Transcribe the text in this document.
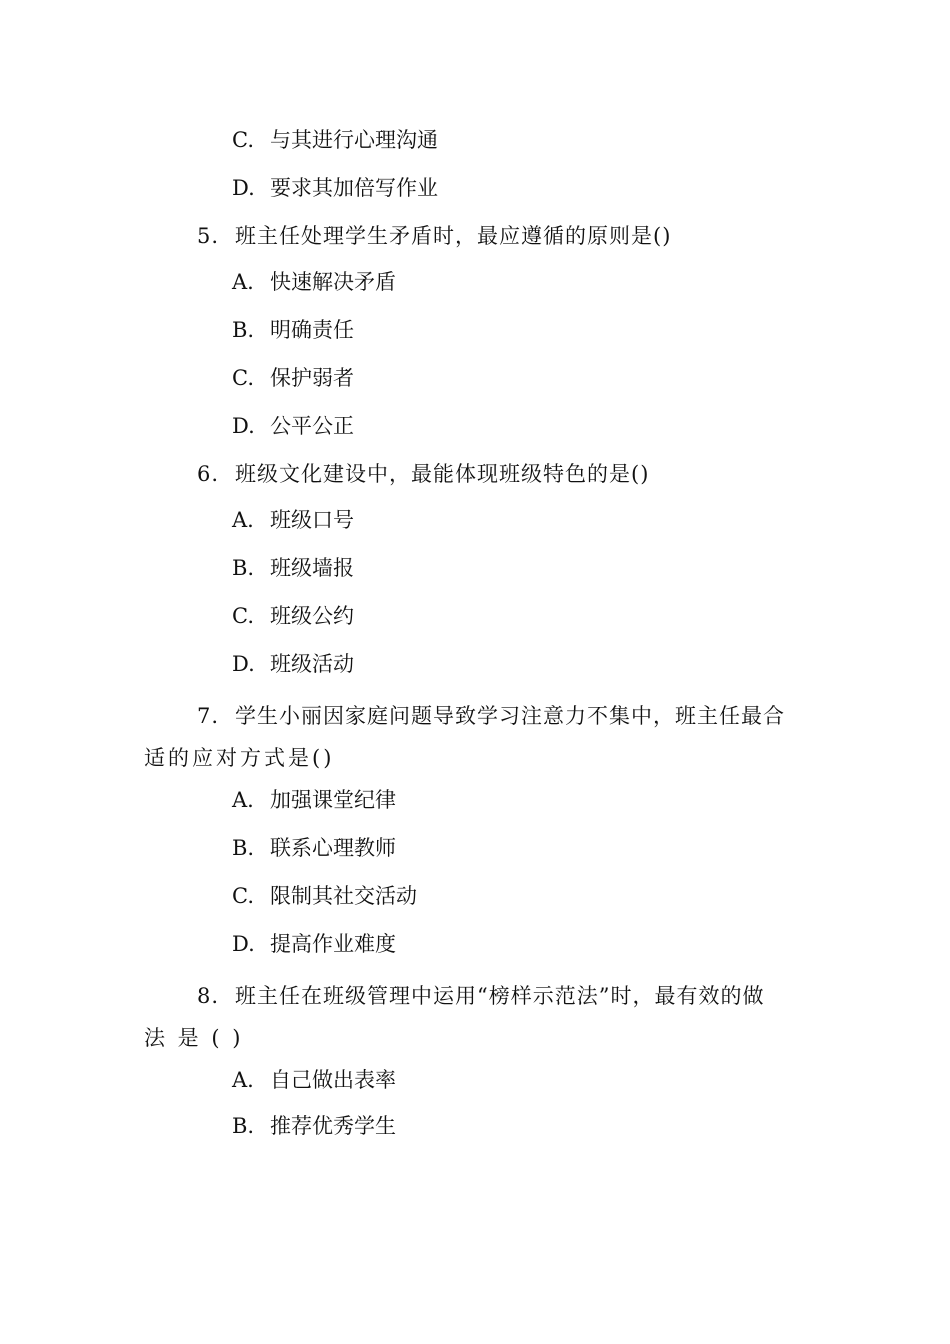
C. 与其进行心理沟通
D. 要求其加倍写作业
5. 班主任处理学生矛盾时，最应遵循的原则是()
A. 快速解决矛盾
B. 明确责任
C. 保护弱者
D. 公平公正
6. 班级文化建设中，最能体现班级特色的是()
A. 班级口号
B. 班级墙报
C. 班级公约
D. 班级活动
7. 学生小丽因家庭问题导致学习注意力不集中，班主任最合
适的应对方式是()
A. 加强课堂纪律
B. 联系心理教师
C. 限制其社交活动
D. 提高作业难度
8. 班主任在班级管理中运用“榜样示范法”时，最有效的做
法 是 ( )
A. 自己做出表率
B. 推荐优秀学生
